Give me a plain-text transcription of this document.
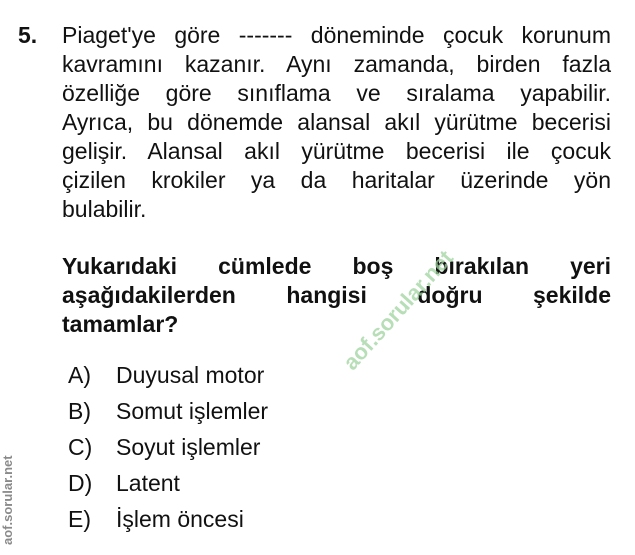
5. Piaget'ye göre ------- döneminde çocuk korunum
kavramını kazanır. Aynı zamanda, birden fazla
özelliğe göre sınıflama ve sıralama yapabilir.
Ayrıca, bu dönemde alansal akıl yürütme becerisi
gelişir. Alansal akıl yürütme becerisi ile çocuk
çizilen krokiler ya da haritalar üzerinde yön
bulabilir.
Yukarıdaki cümlede boş bırakılan yeri
aşağıdakilerden hangisi doğru şekilde
tamamlar?
A) Duyusal motor
B) Somut işlemler
C) Soyut işlemler
D) Latent
E) İşlem öncesi
aof.sorular.net
aof.sorular.net
